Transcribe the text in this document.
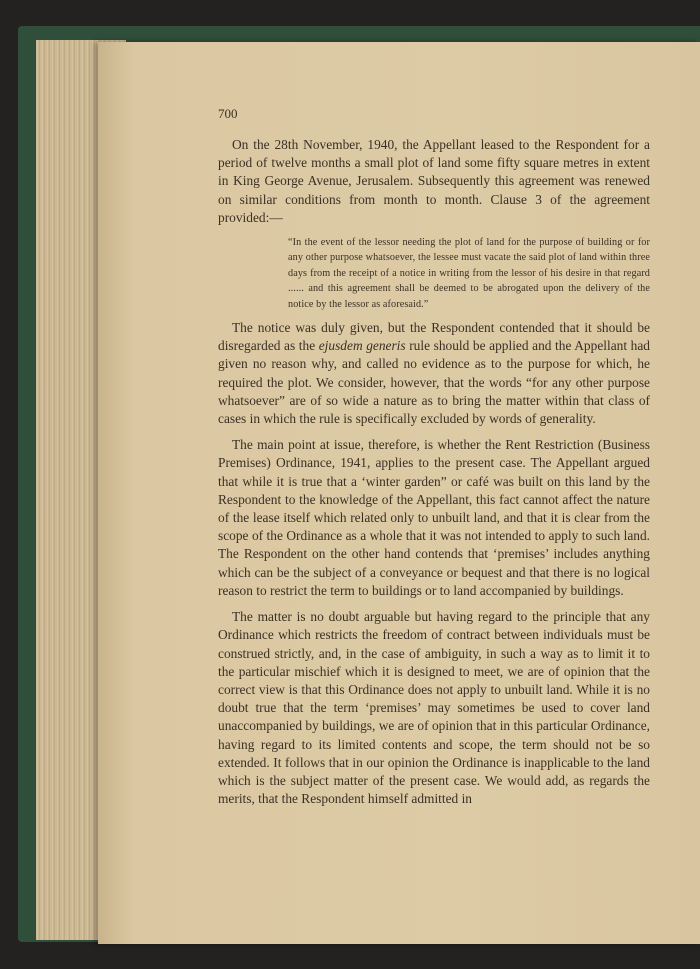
700

On the 28th November, 1940, the Appellant leased to the Respondent for a period of twelve months a small plot of land some fifty square metres in extent in King George Avenue, Jerusalem. Subsequently this agreement was renewed on similar conditions from month to month. Clause 3 of the agreement provided:—

“In the event of the lessor needing the plot of land for the purpose of building or for any other purpose whatsoever, the lessee must vacate the said plot of land within three days from the receipt of a notice in writing from the lessor of his desire in that regard ...... and this agreement shall be deemed to be abrogated upon the delivery of the notice by the lessor as aforesaid.”

The notice was duly given, but the Respondent contended that it should be disregarded as the ejusdem generis rule should be applied and the Appellant had given no reason why, and called no evidence as to the purpose for which, he required the plot. We consider, however, that the words “for any other purpose whatsoever” are of so wide a nature as to bring the matter within that class of cases in which the rule is specifically excluded by words of generality.

The main point at issue, therefore, is whether the Rent Restriction (Business Premises) Ordinance, 1941, applies to the present case. The Appellant argued that while it is true that a ‘winter garden” or café was built on this land by the Respondent to the knowledge of the Appellant, this fact cannot affect the nature of the lease itself which related only to unbuilt land, and that it is clear from the scope of the Ordinance as a whole that it was not intended to apply to such land. The Respondent on the other hand contends that ‘premises’ includes anything which can be the subject of a conveyance or bequest and that there is no logical reason to restrict the term to buildings or to land accompanied by buildings.

The matter is no doubt arguable but having regard to the principle that any Ordinance which restricts the freedom of contract between individuals must be construed strictly, and, in the case of ambiguity, in such a way as to limit it to the particular mischief which it is designed to meet, we are of opinion that the correct view is that this Ordinance does not apply to unbuilt land. While it is no doubt true that the term ‘premises’ may sometimes be used to cover land unaccompanied by buildings, we are of opinion that in this particular Ordinance, having regard to its limited contents and scope, the term should not be so extended. It follows that in our opinion the Ordinance is inapplicable to the land which is the subject matter of the present case. We would add, as regards the merits, that the Respondent himself admitted in
